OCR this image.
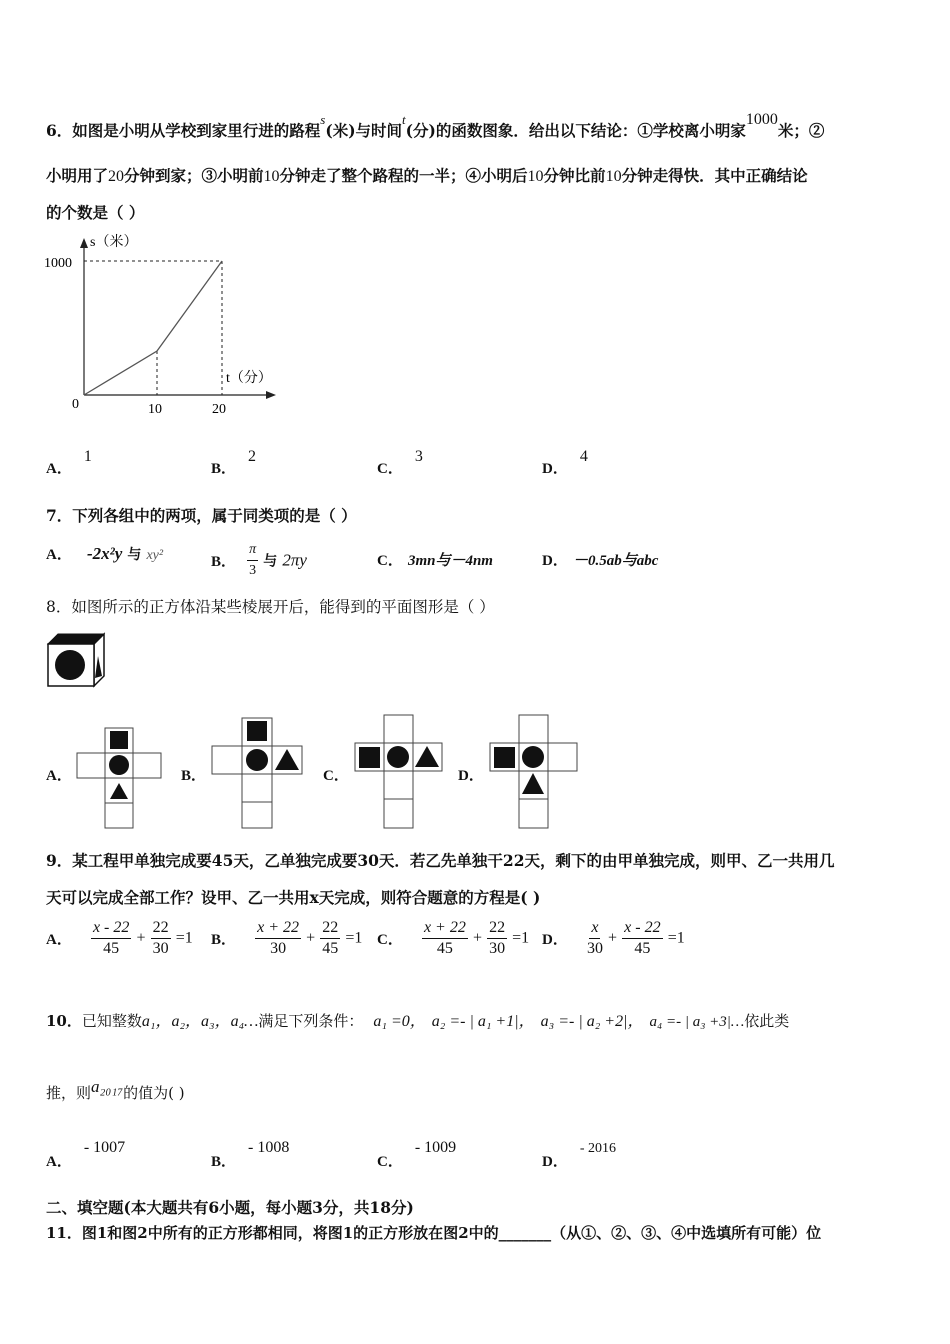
6．如图是小明从学校到家里行进的路程$^s$(米)与时间$^t$(分)的函数图象．给出以下结论：①学校离小明家$^{1000}$米；②
小明用了20分钟到家；③小明前10分钟走了整个路程的一半；④小明后10分钟比前10分钟走得快．其中正确结论
的个数是（ ）
s（米）
t（分）
1000
0	10	20
A．1
B．2
C．3
D．4
7．下列各组中的两项，属于同类项的是（ ）
A． -2x²y 与 xy²	B． $\frac{\pi}{3}$ 与 2πy	C． 3mn与－4nm	D． －0.5ab与abc
8．如图所示的正方体沿某些棱展开后，能得到的平面图形是（ ）
A．	B．	C．	D．
9．某工程甲单独完成要45天，乙单独完成要30天．若乙先单独干22天，剩下的由甲单独完成，则甲、乙一共用几
天可以完成全部工作？设甲、乙一共用x天完成，则符合题意的方程是( )
A． $\frac{x - 22}{45} + \frac{22}{30} =1$ B． $\frac{x + 22}{30} + \frac{22}{45} =1$ C． $\frac{x + 22}{45} + \frac{22}{30} =1$ D． $\frac{x}{30} + \frac{x - 22}{45} =1$
10．已知整数a₁，a₂，a₃，a₄…满足下列条件： a₁ =0， a₂ =- | a₁ +1|， a₃ =- | a₂ +2|， a₄ =- | a₃ +3|…依此类
推，则a₂₀₁₇的值为( )
A．- 1007
B．- 1008
C．- 1009
D．- 2016
二、填空题(本大题共有6小题，每小题3分，共18分)
11．图1和图2中所有的正方形都相同，将图1的正方形放在图2中的_______（从①、②、③、④中选填所有可能）位
